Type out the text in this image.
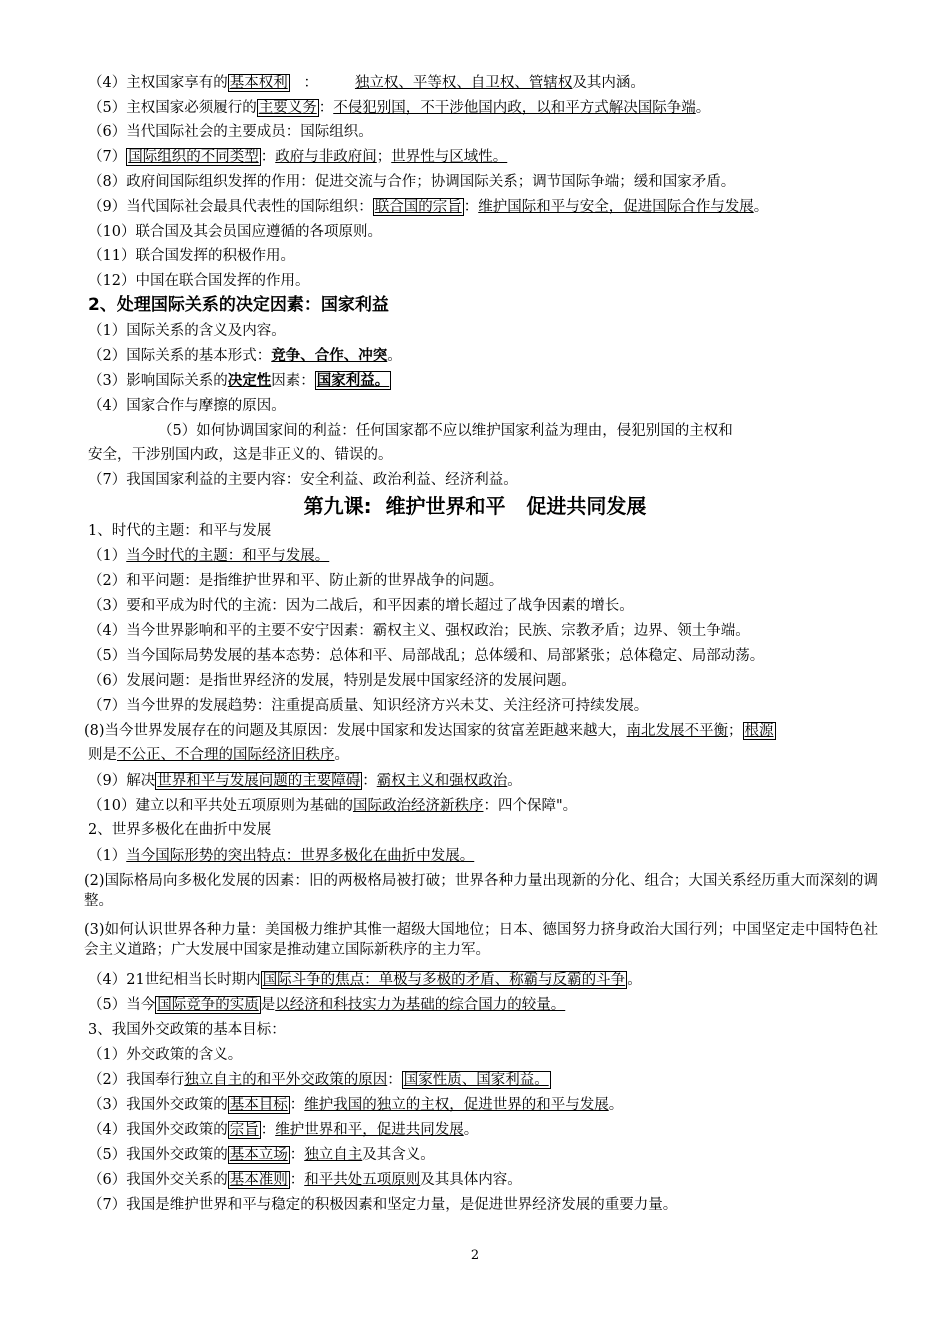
（4）主权国家享有的 基本权利   ：        独立权、平等权、自卫权、管辖权及其内涵。
（5）主权国家必须履行的 主要义务 ：不侵犯别国，不干涉他国内政，以和平方式解决国际争端。
（6）当代国际社会的主要成员：国际组织。
（7） 国际组织的不同类型 ：政府与非政府间；世界性与区域性。
（8）政府间国际组织发挥的作用：促进交流与合作；协调国际关系；调节国际争端；缓和国家矛盾。
（9）当代国际社会最具代表性的国际组织： 联合国的宗旨 ：维护国际和平与安全，促进国际合作与发展。
（10）联合国及其会员国应遵循的各项原则。
（11）联合国发挥的积极作用。
（12）中国在联合国发挥的作用。
2、处理国际关系的决定因素：国家利益
（1）国际关系的含义及内容。
（2）国际关系的基本形式：竞争、合作、冲突。
（3）影响国际关系的决定性因素： 国家利益。
（4）国家合作与摩擦的原因。
（5）如何协调国家间的利益：任何国家都不应以维护国家利益为理由，侵犯别国的主权和
安全，干涉别国内政，这是非正义的、错误的。
（7）我国国家利益的主要内容：安全利益、政治利益、经济利益。
1、时代的主题：和平与发展
（1）当今时代的主题：和平与发展。
（2）和平问题：是指维护世界和平、防止新的世界战争的问题。
（3）要和平成为时代的主流：因为二战后，和平因素的增长超过了战争因素的增长。
（4）当今世界影响和平的主要不安宁因素：霸权主义、强权政治；民族、宗教矛盾；边界、领土争端。
（5）当今国际局势发展的基本态势：总体和平、局部战乱；总体缓和、局部紧张；总体稳定、局部动荡。
（6）发展问题：是指世界经济的发展，特别是发展中国家经济的发展问题。
（7）当今世界的发展趋势：注重提高质量、知识经济方兴未艾、关注经济可持续发展。
(8)当今世界发展存在的问题及其原因：发展中国家和发达国家的贫富差距越来越大，南北发展不平衡； 根源
则是不公正、不合理的国际经济旧秩序。
（9）解决 世界和平与发展问题的主要障碍 ：霸权主义和强权政治。
（10）建立以和平共处五项原则为基础的国际政治经济新秩序：四个保障"。
2、世界多极化在曲折中发展
（1）当今国际形势的突出特点：世界多极化在曲折中发展。
(2)国际格局向多极化发展的因素：旧的两极格局被打破；世界各种力量出现新的分化、组合；大国关系经历重大而深刻的调整。
(3)如何认识世界各种力量：美国极力维护其惟一超级大国地位；日本、德国努力挤身政治大国行列；中国坚定走中国特色社会主义道路；广大发展中国家是推动建立国际新秩序的主力军。
（4）21世纪相当长时期内 国际斗争的焦点：单极与多极的矛盾、称霸与反霸的斗争 。
（5）当今 国际竞争的实质 是以经济和科技实力为基础的综合国力的较量。
3、我国外交政策的基本目标：
（1）外交政策的含义。
（2）我国奉行独立自主的和平外交政策的原因： 国家性质、国家利益。
（3）我国外交政策的 基本目标 ：维护我国的独立的主权，促进世界的和平与发展。
（4）我国外交政策的 宗旨 ：维护世界和平，促进共同发展。
（5）我国外交政策的 基本立场 ：独立自主及其含义。
（6）我国外交关系的 基本准则 ：和平共处五项原则及其具体内容。
（7）我国是维护世界和平与稳定的积极因素和坚定力量，是促进世界经济发展的重要力量。
第九课:  维护世界和平   促进共同发展
2
